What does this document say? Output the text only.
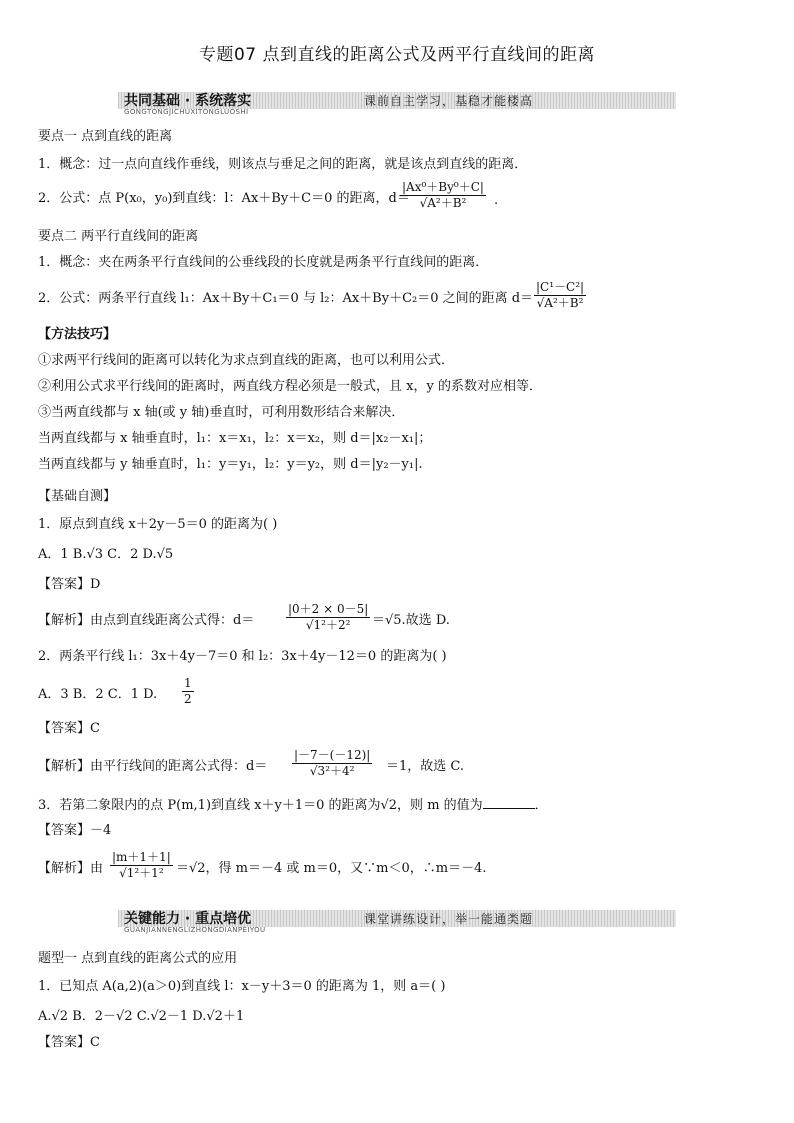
专题07 点到直线的距离公式及两平行直线间的距离
共同基础 · 系统落实
GONGTONGJICHUXITONGLUOSHI
课前自主学习，基稳才能楼高
要点一 点到直线的距离
1．概念：过一点向直线作垂线，则该点与垂足之间的距离，就是该点到直线的距离．
2．公式：点 P(x₀，y₀)到直线：l：Ax＋By＋C＝0 的距离，d＝
$\frac{\text{|Ax⁰＋By⁰＋C|}}{\text{√A²＋B²}}$ .
要点二 两平行直线间的距离
1．概念：夹在两条平行直线间的公垂线段的长度就是两条平行直线间的距离．
2．公式：两条平行直线 l₁：Ax＋By＋C₁＝0 与 l₂：Ax＋By＋C₂＝0 之间的距离 $d= \frac{\text{|C¹－C²|}}{\text{√A²＋B²}}$
【方法技巧】
①求两平行线间的距离可以转化为求点到直线的距离，也可以利用公式．
②利用公式求平行线间的距离时，两直线方程必须是一般式，且 x，y 的系数对应相等．
③当两直线都与 x 轴(或 y 轴)垂直时，可利用数形结合来解决．
当两直线都与 x 轴垂直时，l₁：x＝x₁，l₂：x＝x₂，则 d＝|x₂－x₁|；
当两直线都与 y 轴垂直时，l₁：y＝y₁，l₂：y＝y₂，则 d＝|y₂－y₁|.
【基础自测】
1．原点到直线 x＋2y－5＝0 的距离为( )
A．1 B.√3 C．2 D.√5
【答案】D
【解析】由点到直线距离公式得：d＝	$\frac{|0+2 \times 0-5|}{\text{√1²＋2²}} =√5$.故选 D.
2．两条平行线 l₁：3x＋4y－7＝0 和 l₂：3x＋4y－12＝0 的距离为( )
A．3 B．2 C．1 D. $\frac{1}{2}$
【答案】C
【解析】由平行线间的距离公式得：$d= \frac{|-7-(-12)|}{\text{√3²＋4²}} =1$，故选 C.
3．若第二象限内的点 P(m,1)到直线 x＋y＋1＝0 的距离为√2，则 m 的值为	．
【答案】－4
【解析】由 $\frac{|m+1+1|}{\text{√1²＋1²}} =√2$，得 m＝－4 或 m＝0，又∵m＜0，∴m＝－4.
关键能力 · 重点培优
GUANJIANNENGLIZHONGDIANPEIYOU
课堂讲练设计，举一能通类题
题型一 点到直线的距离公式的应用
1．已知点 A(a,2)(a＞0)到直线 l：x－y＋3＝0 的距离为 1，则 a＝( )
A.√2 B．2－√2 C.√2－1 D.√2＋1
【答案】C
